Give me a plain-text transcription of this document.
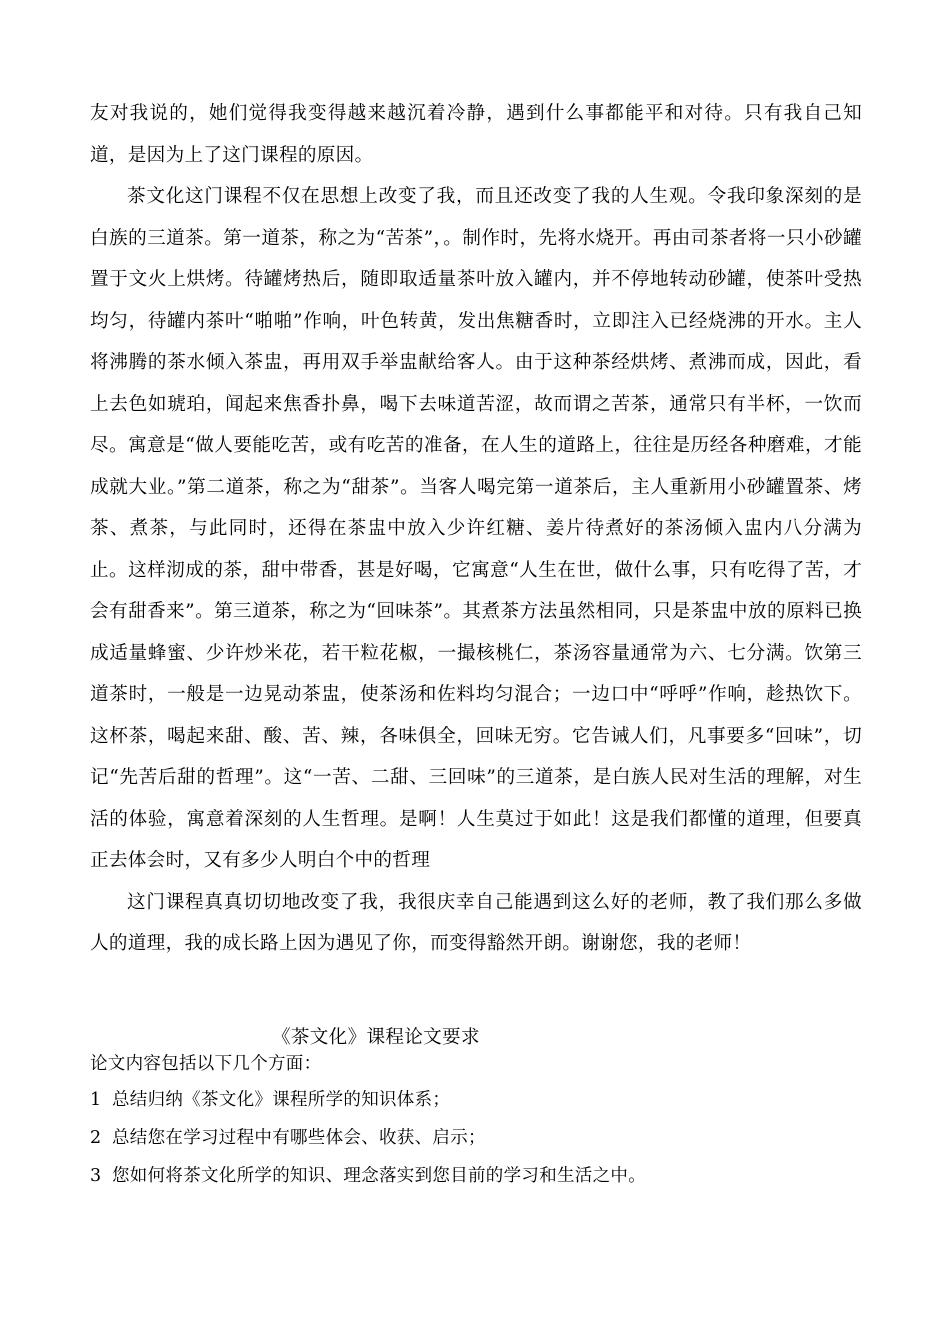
友对我说的，她们觉得我变得越来越沉着冷静，遇到什么事都能平和对待。只有我自己知道，是因为上了这门课程的原因。

茶文化这门课程不仅在思想上改变了我，而且还改变了我的人生观。令我印象深刻的是白族的三道茶。第一道茶，称之为“苦茶”，。制作时，先将水烧开。再由司茶者将一只小砂罐置于文火上烘烤。待罐烤热后，随即取适量茶叶放入罐内，并不停地转动砂罐，使茶叶受热均匀，待罐内茶叶“啪啪”作响，叶色转黄，发出焦糖香时，立即注入已经烧沸的开水。主人将沸腾的茶水倾入茶盅，再用双手举盅献给客人。由于这种茶经烘烤、煮沸而成，因此，看上去色如琥珀，闻起来焦香扑鼻，喝下去味道苦涩，故而谓之苦茶，通常只有半杯，一饮而尽。寓意是“做人要能吃苦，或有吃苦的准备，在人生的道路上，往往是历经各种磨难，才能成就大业。”第二道茶，称之为“甜茶”。当客人喝完第一道茶后，主人重新用小砂罐置茶、烤茶、煮茶，与此同时，还得在茶盅中放入少许红糖、姜片待煮好的茶汤倾入盅内八分满为止。这样沏成的茶，甜中带香，甚是好喝，它寓意“人生在世，做什么事，只有吃得了苦，才会有甜香来”。第三道茶，称之为“回味茶”。其煮茶方法虽然相同，只是茶盅中放的原料已换成适量蜂蜜、少许炒米花，若干粒花椒，一撮核桃仁，茶汤容量通常为六、七分满。饮第三道茶时，一般是一边晃动茶盅，使茶汤和佐料均匀混合；一边口中“呼呼”作响，趁热饮下。这杯茶，喝起来甜、酸、苦、辣，各味俱全，回味无穷。它告诫人们，凡事要多“回味”，切记“先苦后甜的哲理”。这“一苦、二甜、三回味”的三道茶，是白族人民对生活的理解，对生活的体验，寓意着深刻的人生哲理。是啊！人生莫过于如此！这是我们都懂的道理，但要真正去体会时，又有多少人明白个中的哲理

这门课程真真切切地改变了我，我很庆幸自己能遇到这么好的老师，教了我们那么多做人的道理，我的成长路上因为遇见了你，而变得豁然开朗。谢谢您，我的老师！

《茶文化》课程论文要求
论文内容包括以下几个方面：
1 总结归纳《茶文化》课程所学的知识体系；
2 总结您在学习过程中有哪些体会、收获、启示；
3 您如何将茶文化所学的知识、理念落实到您目前的学习和生活之中。
